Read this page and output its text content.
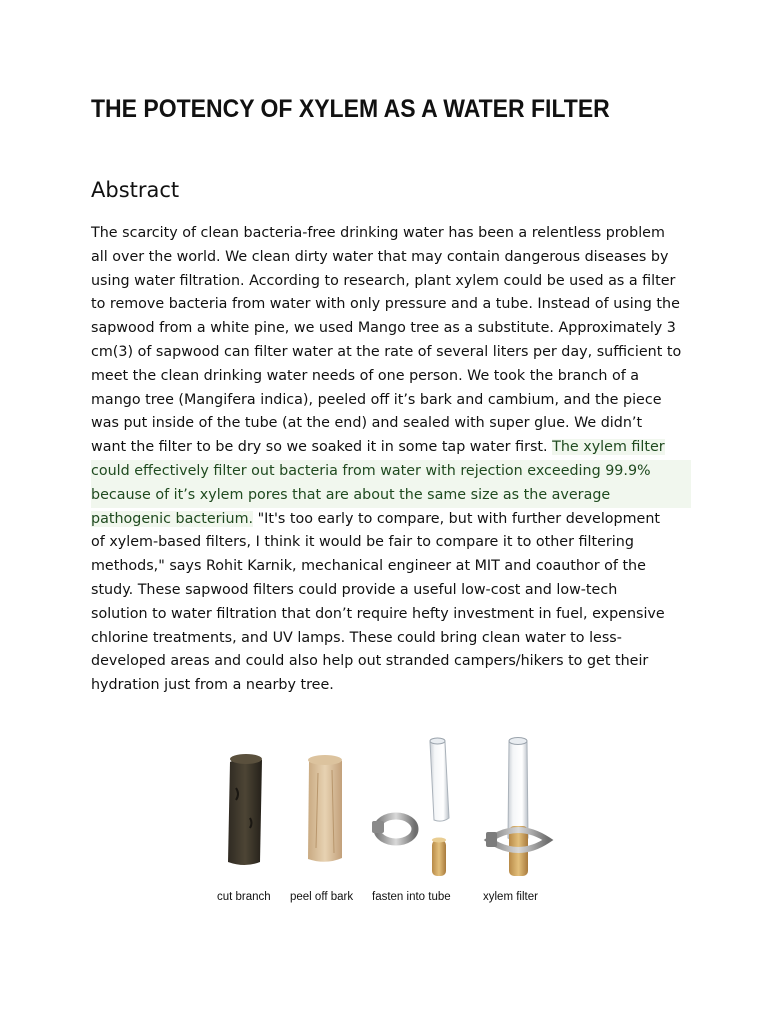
THE POTENCY OF XYLEM AS A WATER FILTER
Abstract
The scarcity of clean bacteria-free drinking water has been a relentless problem
all over the world. We clean dirty water that may contain dangerous diseases by
using water filtration. According to research, plant xylem could be used as a filter
to remove bacteria from water with only pressure and a tube. Instead of using the
sapwood from a white pine, we used Mango tree as a substitute. Approximately 3
cm(3) of sapwood can filter water at the rate of several liters per day, sufficient to
meet the clean drinking water needs of one person. We took the branch of a
mango tree (Mangifera indica), peeled off it’s bark and cambium, and the piece
was put inside of the tube (at the end) and sealed with super glue. We didn’t
want the filter to be dry so we soaked it in some tap water first. The xylem filter
could effectively filter out bacteria from water with rejection exceeding 99.9%
because of it’s xylem pores that are about the same size as the average
pathogenic bacterium. "It's too early to compare, but with further development
of xylem-based filters, I think it would be fair to compare it to other filtering
methods," says Rohit Karnik, mechanical engineer at MIT and coauthor of the
study. These sapwood filters could provide a useful low-cost and low-tech
solution to water filtration that don’t require hefty investment in fuel, expensive
chlorine treatments, and UV lamps. These could bring clean water to less-
developed areas and could also help out stranded campers/hikers to get their
hydration just from a nearby tree.
cut branch peel off bark fasten into tube	xylem filter
